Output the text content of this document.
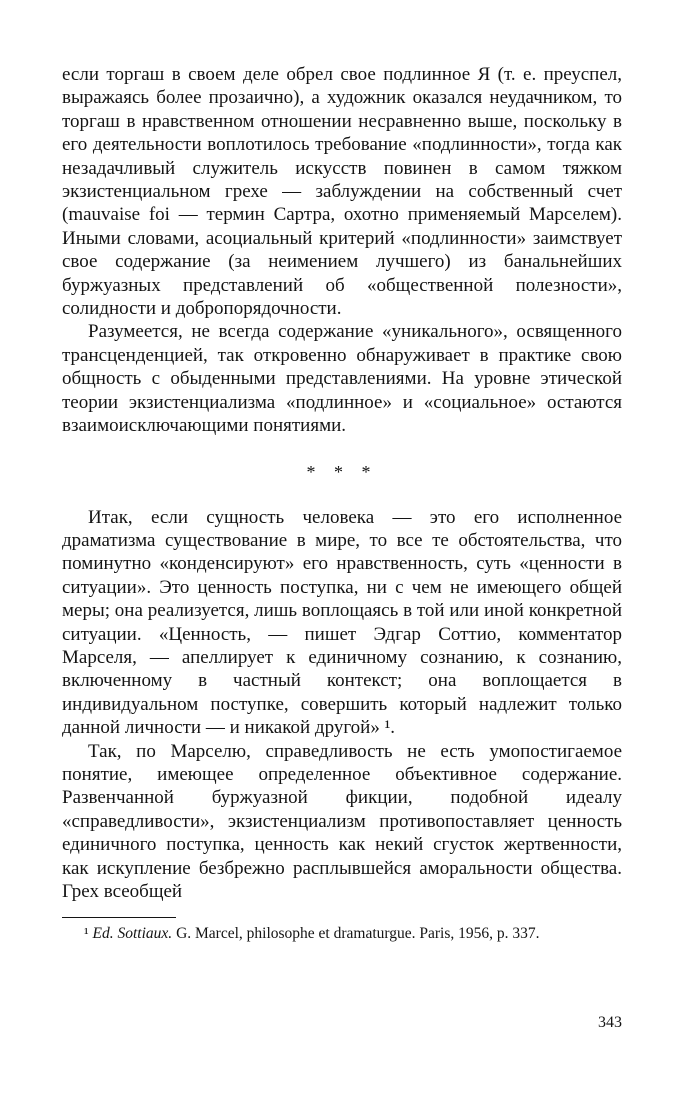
если торгаш в своем деле обрел свое подлинное Я (т. е. преуспел, выражаясь более прозаично), а художник оказался неудачником, то торгаш в нравственном отношении несравненно выше, поскольку в его деятельности воплотилось требование «подлинности», тогда как незадачливый служитель искусств повинен в самом тяжком экзистенциальном грехе — заблуждении на собственный счет (mauvaise foi — термин Сартра, охотно применяемый Марселем). Иными словами, асоциальный критерий «подлинности» заимствует свое содержание (за неимением лучшего) из банальнейших буржуазных представлений об «общественной полезности», солидности и добропорядочности.

Разумеется, не всегда содержание «уникального», освященного трансценденцией, так откровенно обнаруживает в практике свою общность с обыденными представлениями. На уровне этической теории экзистенциализма «подлинное» и «социальное» остаются взаимоисключающими понятиями.

* * *

Итак, если сущность человека — это его исполненное драматизма существование в мире, то все те обстоятельства, что поминутно «конденсируют» его нравственность, суть «ценности в ситуации». Это ценность поступка, ни с чем не имеющего общей меры; она реализуется, лишь воплощаясь в той или иной конкретной ситуации. «Ценность, — пишет Эдгар Соттио, комментатор Марселя, — апеллирует к единичному сознанию, к сознанию, включенному в частный контекст; она воплощается в индивидуальном поступке, совершить который надлежит только данной личности — и никакой другой» ¹.

Так, по Марселю, справедливость не есть умопостигаемое понятие, имеющее определенное объективное содержание. Развенчанной буржуазной фикции, подобной идеалу «справедливости», экзистенциализм противопоставляет ценность единичного поступка, ценность как некий сгусток жертвенности, как искупление безбрежно расплывшейся аморальности общества. Грех всеобщей

¹ Ed. Sottiaux. G. Marcel, philosophe et dramaturgue. Paris, 1956, p. 337.

343
